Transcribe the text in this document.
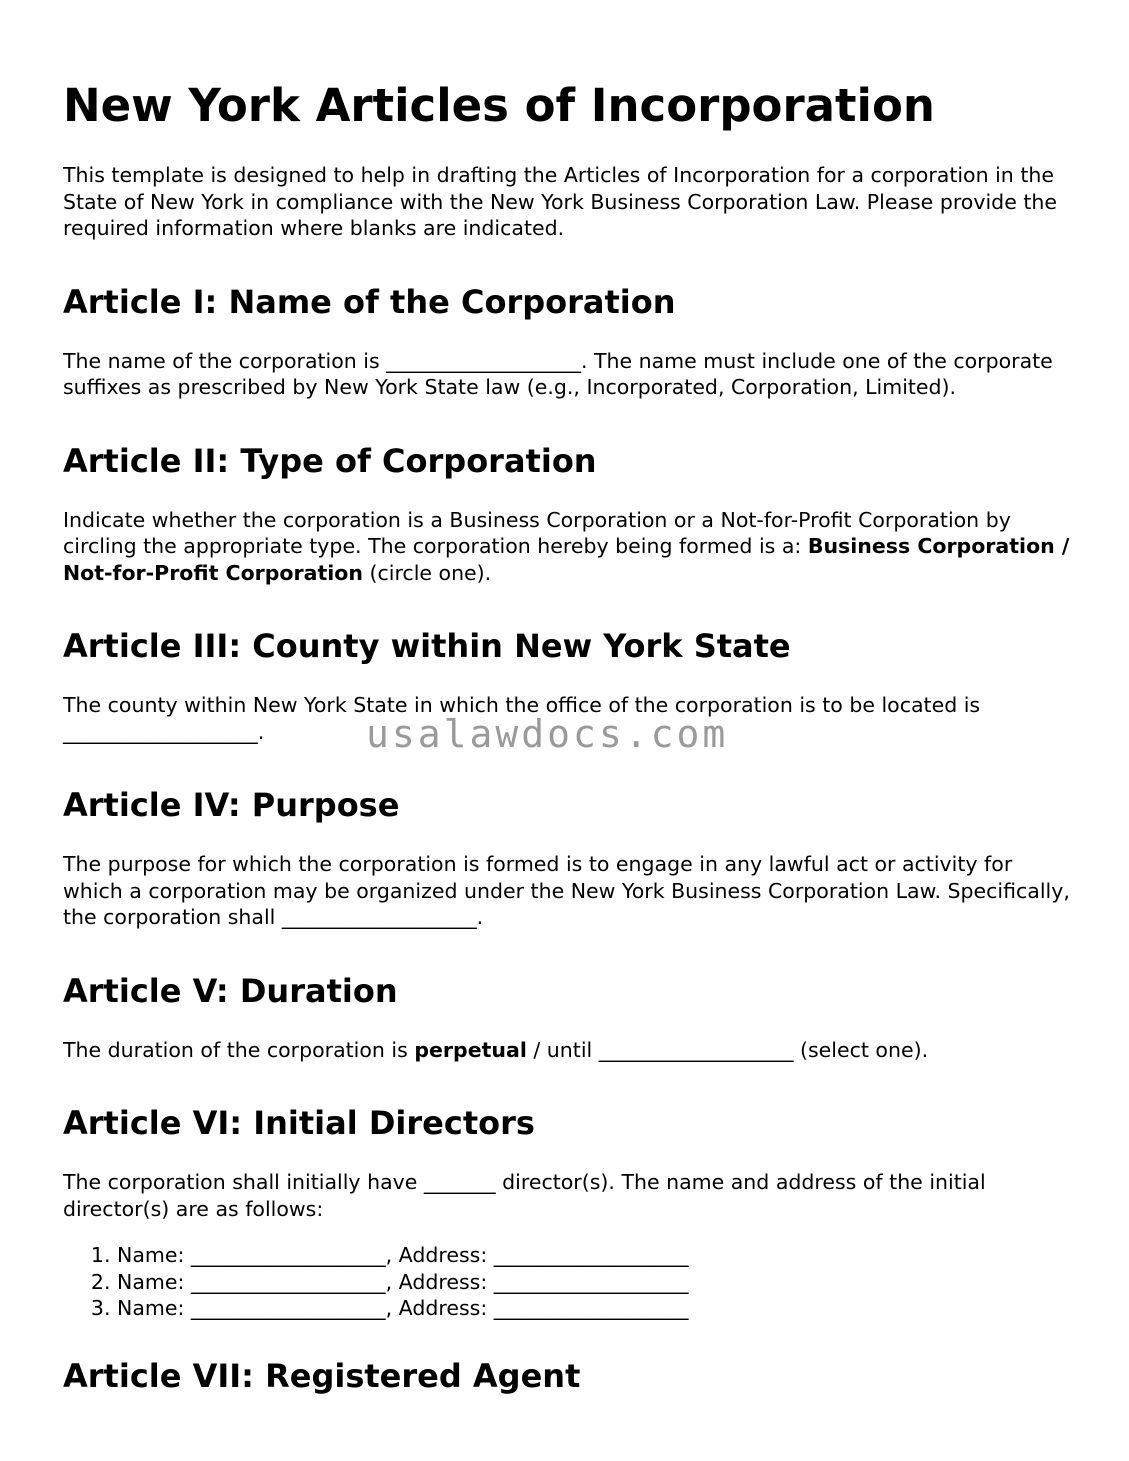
New York Articles of Incorporation

This template is designed to help in drafting the Articles of Incorporation for a corporation in the State of New York in compliance with the New York Business Corporation Law. Please provide the required information where blanks are indicated.

Article I: Name of the Corporation

The name of the corporation is ___________________. The name must include one of the corporate suffixes as prescribed by New York State law (e.g., Incorporated, Corporation, Limited).

Article II: Type of Corporation

Indicate whether the corporation is a Business Corporation or a Not-for-Profit Corporation by circling the appropriate type. The corporation hereby being formed is a: Business Corporation / Not-for-Profit Corporation (circle one).

Article III: County within New York State

The county within New York State in which the office of the corporation is to be located is ___________________.

Article IV: Purpose

The purpose for which the corporation is formed is to engage in any lawful act or activity for which a corporation may be organized under the New York Business Corporation Law. Specifically, the corporation shall ___________________.

Article V: Duration

The duration of the corporation is perpetual / until ___________________ (select one).

Article VI: Initial Directors

The corporation shall initially have _______ director(s). The name and address of the initial director(s) are as follows:

1. Name: ___________________, Address: ___________________
2. Name: ___________________, Address: ___________________
3. Name: ___________________, Address: ___________________
Article VII: Registered Agent
usalawdocs.com
